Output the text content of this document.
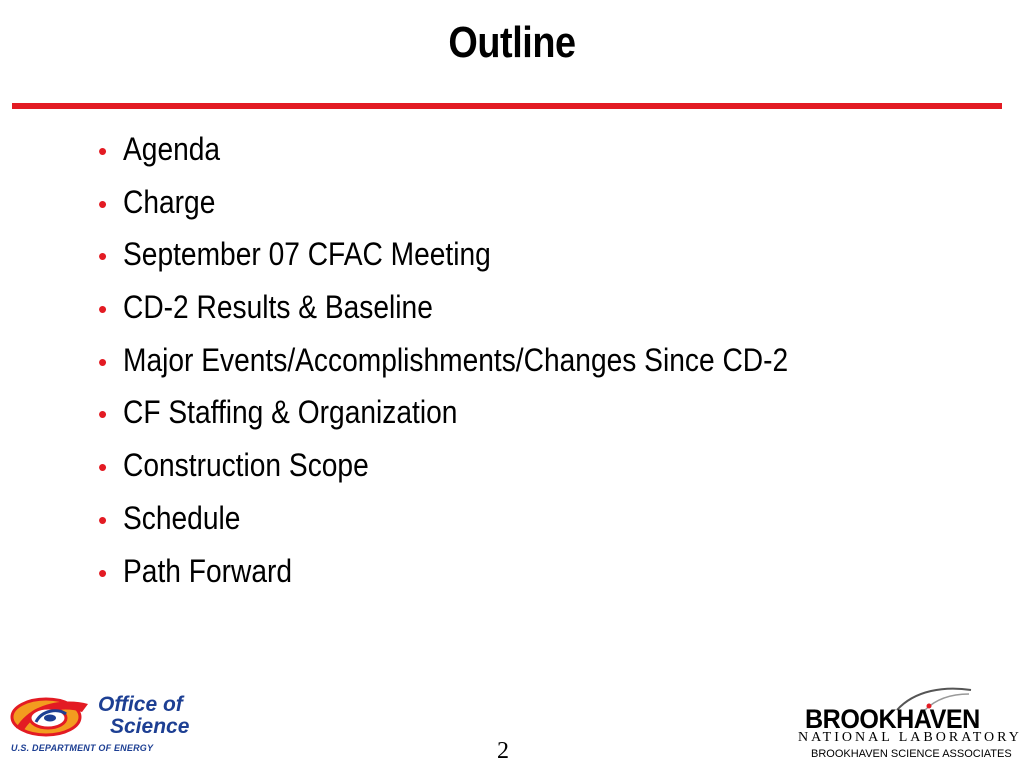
Outline
• Agenda
• Charge
• September 07 CFAC Meeting
• CD-2 Results & Baseline
• Major Events/Accomplishments/Changes Since CD-2
• CF Staffing & Organization
• Construction Scope
• Schedule
• Path Forward
Office of
Science
U.S. DEPARTMENT OF ENERGY	2
BROOKHAVEN
NATIONAL LABORATORY
BROOKHAVEN SCIENCE ASSOCIATES
